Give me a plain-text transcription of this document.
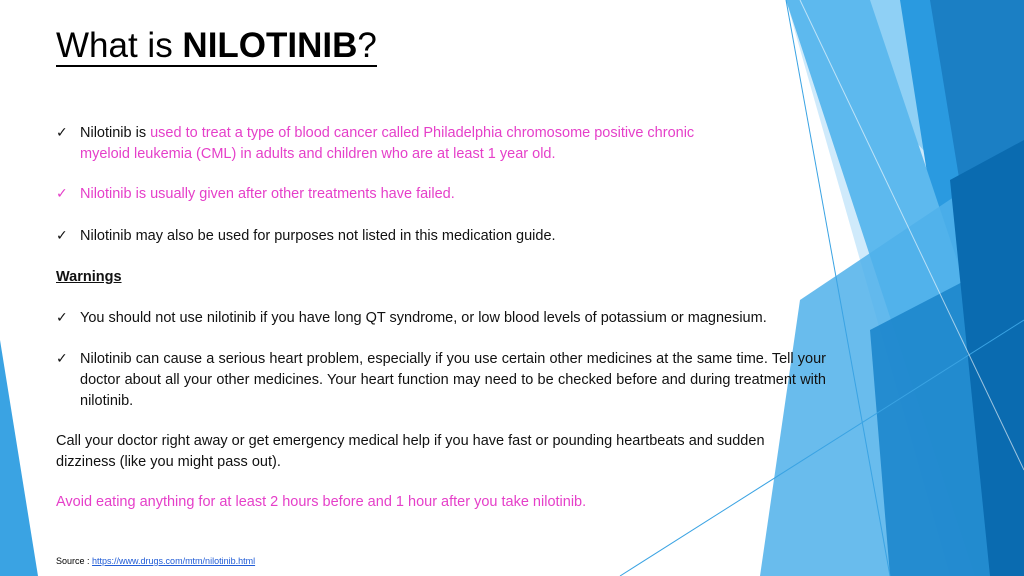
What is NILOTINIB?
✓ Nilotinib is used to treat a type of blood cancer called Philadelphia chromosome positive chronic
myeloid leukemia (CML) in adults and children who are at least 1 year old.
✓ Nilotinib is usually given after other treatments have failed.
✓ Nilotinib may also be used for purposes not listed in this medication guide.
Warnings
✓ You should not use nilotinib if you have long QT syndrome, or low blood levels of potassium or magnesium.
✓ Nilotinib can cause a serious heart problem, especially if you use certain other medicines at the same time. Tell your doctor about all your other medicines. Your heart function may need to be checked before and during treatment with nilotinib.
Call your doctor right away or get emergency medical help if you have fast or pounding heartbeats and sudden dizziness (like you might pass out).
Avoid eating anything for at least 2 hours before and 1 hour after you take nilotinib.
Source : https://www.drugs.com/mtm/nilotinib.html
